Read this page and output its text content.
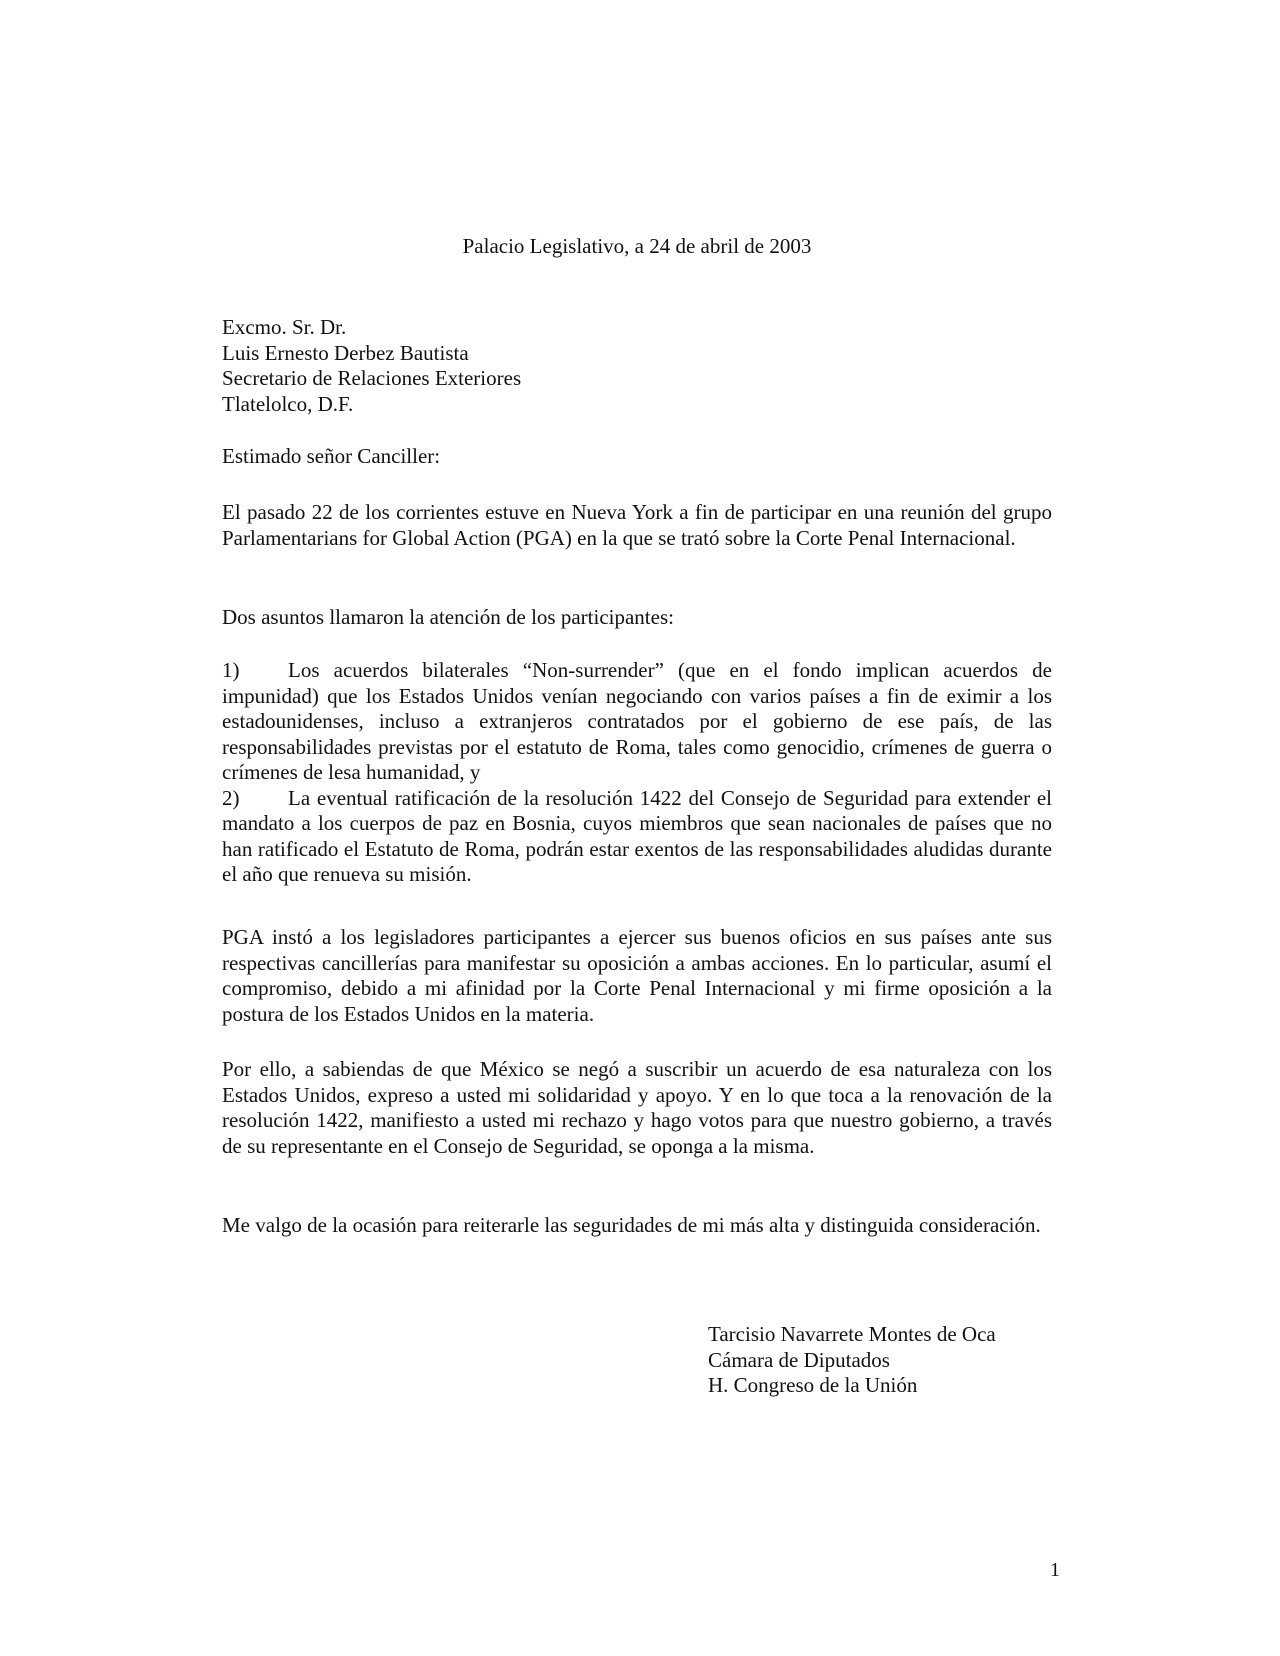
Palacio Legislativo, a 24 de abril de 2003
Excmo. Sr. Dr.
Luis Ernesto Derbez Bautista
Secretario de Relaciones Exteriores
Tlatelolco, D.F.
Estimado señor Canciller:

El pasado 22 de los corrientes estuve en Nueva York a fin de participar en una reunión del grupo Parlamentarians for Global Action (PGA) en la que se trató sobre la Corte Penal Internacional.

Dos asuntos llamaron la atención de los participantes:

1) Los acuerdos bilaterales “Non-surrender” (que en el fondo implican acuerdos de impunidad) que los Estados Unidos venían negociando con varios países a fin de eximir a los estadounidenses, incluso a extranjeros contratados por el gobierno de ese país, de las responsabilidades previstas por el estatuto de Roma, tales como genocidio, crímenes de guerra o crímenes de lesa humanidad, y

2) La eventual ratificación de la resolución 1422 del Consejo de Seguridad para extender el mandato a los cuerpos de paz en Bosnia, cuyos miembros que sean nacionales de países que no han ratificado el Estatuto de Roma, podrán estar exentos de las responsabilidades aludidas durante el año que renueva su misión.

PGA instó a los legisladores participantes a ejercer sus buenos oficios en sus países ante sus respectivas cancillerías para manifestar su oposición a ambas acciones. En lo particular, asumí el compromiso, debido a mi afinidad por la Corte Penal Internacional y mi firme oposición a la postura de los Estados Unidos en la materia.

Por ello, a sabiendas de que México se negó a suscribir un acuerdo de esa naturaleza con los Estados Unidos, expreso a usted mi solidaridad y apoyo. Y en lo que toca a la renovación de la resolución 1422, manifiesto a usted mi rechazo y hago votos para que nuestro gobierno, a través de su representante en el Consejo de Seguridad, se oponga a la misma.

Me valgo de la ocasión para reiterarle las seguridades de mi más alta y distinguida consideración.

Tarcisio Navarrete Montes de Oca
Cámara de Diputados
H. Congreso de la Unión
1
